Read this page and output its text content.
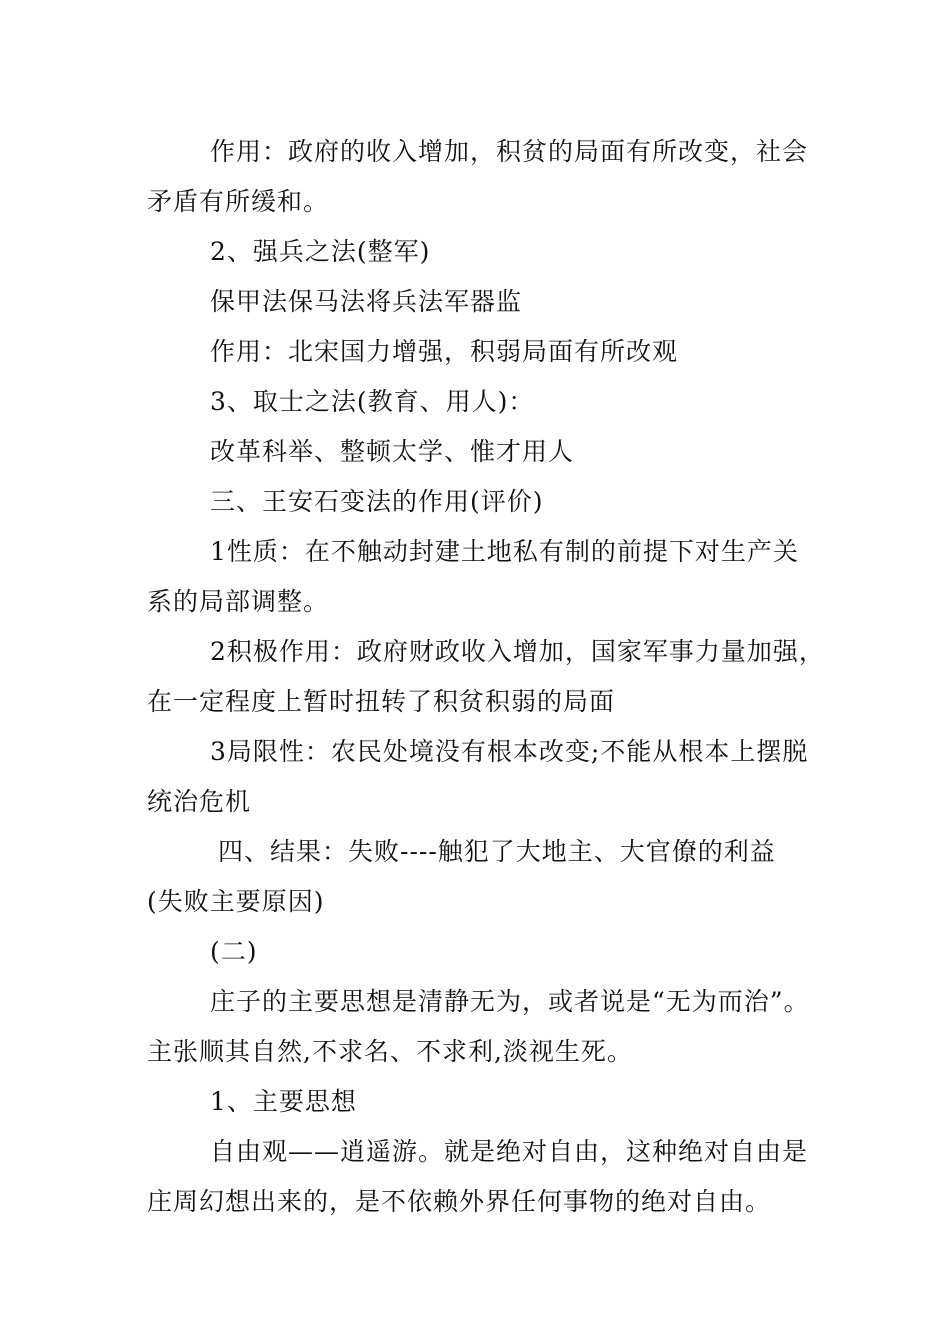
作用：政府的收入增加，积贫的局面有所改变，社会
矛盾有所缓和。
2、强兵之法(整军)
保甲法保马法将兵法军器监
作用：北宋国力增强，积弱局面有所改观
3、取士之法(教育、用人)：
改革科举、整顿太学、惟才用人
三、王安石变法的作用(评价)
1性质：在不触动封建土地私有制的前提下对生产关
系的局部调整。
2积极作用：政府财政收入增加，国家军事力量加强，
在一定程度上暂时扭转了积贫积弱的局面
3局限性：农民处境没有根本改变;不能从根本上摆脱
统治危机
四、结果：失败----触犯了大地主、大官僚的利益
(失败主要原因)
(二)
庄子的主要思想是清静无为，或者说是“无为而治”。
主张顺其自然,不求名、不求利,淡视生死。
1、主要思想
自由观——逍遥游。就是绝对自由，这种绝对自由是
庄周幻想出来的，是不依赖外界任何事物的绝对自由。
